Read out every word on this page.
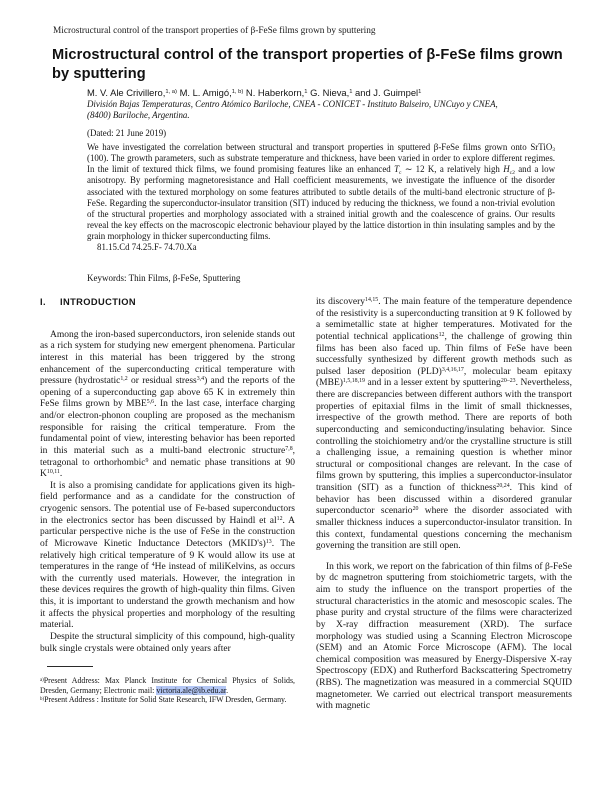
Microstructural control of the transport properties of β-FeSe films grown by sputtering
Microstructural control of the transport properties of β-FeSe films grown by sputtering
M. V. Ale Crivillero,$^{1, a)}$ M. L. Amigó,$^{1, b)}$ N. Haberkorn,$^1$ G. Nieva,$^1$ and J. Guimpel$^1$
División Bajas Temperaturas, Centro Atómico Bariloche, CNEA - CONICET - Instituto Balseiro, UNCuyo y CNEA,
(8400) Bariloche, Argentina.
(Dated: 21 June 2019)

We have investigated the correlation between structural and transport properties in sputtered β-FeSe films grown onto SrTiO$_3$ (100). The growth parameters, such as substrate temperature and thickness, have been varied in order to explore different regimes. In the limit of textured thick films, we found promising features like an enhanced $T_c$ ∼ 12 K, a relatively high $H_{c2}$ and a low anisotropy. By performing magnetoresistance and Hall coefficient measurements, we investigate the influence of the disorder associated with the textured morphology on some features attributed to subtle details of the multi-band electronic structure of β-FeSe. Regarding the superconductor-insulator transition (SIT) induced by reducing the thickness, we found a non-trivial evolution of the structural properties and morphology associated with a strained initial growth and the coalescence of grains. Our results reveal the key effects on the macroscopic electronic behaviour played by the lattice distortion in thin insulating samples and by the grain morphology in thicker superconducting films.

81.15.Cd 74.25.F- 74.70.Xa

Keywords: Thin Films, β-FeSe, Sputtering
I. INTRODUCTION

Among the iron-based superconductors, iron selenide stands out as a rich system for studying new emergent phenomena. Particular interest in this material has been triggered by the strong enhancement of the superconducting critical temperature with pressure (hydrostatic$^{1,2}$ or residual stress$^{3,4}$) and the reports of the opening of a superconducting gap above 65 K in extremely thin FeSe films grown by MBE$^{5,6}$. In the last case, interface charging and/or electron-phonon coupling are proposed as the mechanism responsible for raising the critical temperature. From the fundamental point of view, interesting behavior has been reported in this material such as a multi-band electronic structure$^{7,8}$, tetragonal to orthorhombic$^9$ and nematic phase transitions at 90 K$^{10,11}$.

It is also a promising candidate for applications given its high-field performance and as a candidate for the construction of cryogenic sensors. The potential use of Fe-based superconductors in the electronics sector has been discussed by Haindl et $al^{12}$. A particular perspective niche is the use of FeSe in the construction of Microwave Kinetic Inductance Detectors (MKID's)$^{13}$. The relatively high critical temperature of 9 K would allow its use at temperatures in the range of $^4$He instead of miliKelvins, as occurs with the currently used materials. However, the integration in these devices requires the growth of high-quality thin films. Given this, it is important to understand the growth mechanism and how it affects the physical properties and morphology of the resulting material.

Despite the structural simplicity of this compound, high-quality bulk single crystals were obtained only years after

its discovery$^{14,15}$. The main feature of the temperature dependence of the resistivity is a superconducting transition at 9 K followed by a semimetallic state at higher temperatures. Motivated for the potential technical applications$^{12}$, the challenge of growing thin films has been also faced up. Thin films of FeSe have been successfully synthesized by different growth methods such as pulsed laser deposition (PLD)$^{3,4,16,17}$, molecular beam epitaxy (MBE)$^{1,5,18,19}$ and in a lesser extent by sputtering$^{20-23}$. Nevertheless, there are discrepancies between different authors with the transport properties of epitaxial films in the limit of small thicknesses, irrespective of the growth method. There are reports of both superconducting and semiconducting/insulating behavior. Since controlling the stoichiometry and/or the crystalline structure is still a challenging issue, a remaining question is whether minor structural or compositional changes are relevant. In the case of films grown by sputtering, this implies a superconductor-insulator transition (SIT) as a function of thickness$^{20,24}$. This kind of behavior has been discussed within a disordered granular superconductor scenario$^{20}$ where the disorder associated with smaller thickness induces a superconductor-insulator transition. In this context, fundamental questions concerning the mechanism governing the transition are still open.

In this work, we report on the fabrication of thin films of β-FeSe by dc magnetron sputtering from stoichiometric targets, with the aim to study the influence on the transport properties of the structural characteristics in the atomic and mesoscopic scales. The phase purity and crystal structure of the films were characterized by X-ray diffraction measurement (XRD). The surface morphology was studied using a Scanning Electron Microscope (SEM) and an Atomic Force Microscope (AFM). The local chemical composition was measured by Energy-Dispersive X-ray Spectroscopy (EDX) and Rutherford Backscattering Spectrometry (RBS). The magnetization was measured in a commercial SQUID magnetometer. We carried out electrical transport measurements with magnetic

$^{a)}$Present Address: Max Planck Institute for Chemical Physics of Solids, Dresden, Germany; Electronic mail: victoria.ale@ib.edu.ar.

$^{b)}$Present Address : Institute for Solid State Research, IFW Dresden, Germany.
